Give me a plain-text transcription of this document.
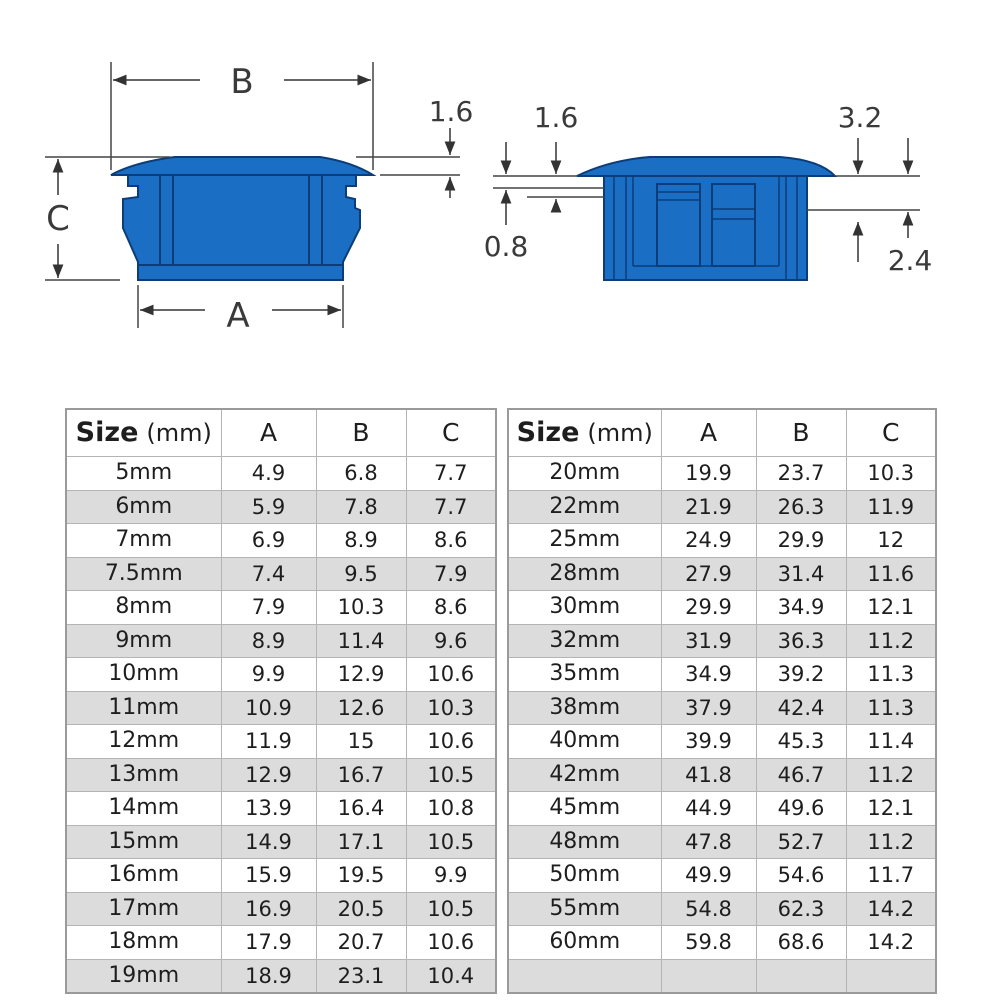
B
C
A
1.6 1.6
0.8
3.2
2.4
Size (mm)	A	B	C
5mm	4.9	6.8	7.7
6mm	5.9	7.8	7.7
7mm	6.9	8.9	8.6
7.5mm	7.4	9.5	7.9
8mm	7.9	10.3	8.6
9mm	8.9	11.4	9.6
10mm	9.9	12.9	10.6
11mm	10.9	12.6	10.3
12mm	11.9	15	10.6
13mm	12.9	16.7	10.5
14mm	13.9	16.4	10.8
15mm	14.9	17.1	10.5
16mm	15.9	19.5	9.9
17mm	16.9	20.5	10.5
18mm	17.9	20.7	10.6
19mm	18.9	23.1	10.4
Size (mm)	A	B	C
20mm	19.9	23.7	10.3
22mm	21.9	26.3	11.9
25mm	24.9	29.9	12
28mm	27.9	31.4	11.6
30mm	29.9	34.9	12.1
32mm	31.9	36.3	11.2
35mm	34.9	39.2	11.3
38mm	37.9	42.4	11.3
40mm	39.9	45.3	11.4
42mm	41.8	46.7	11.2
45mm	44.9	49.6	12.1
48mm	47.8	52.7	11.2
50mm	49.9	54.6	11.7
55mm	54.8	62.3	14.2
60mm	59.8	68.6	14.2
